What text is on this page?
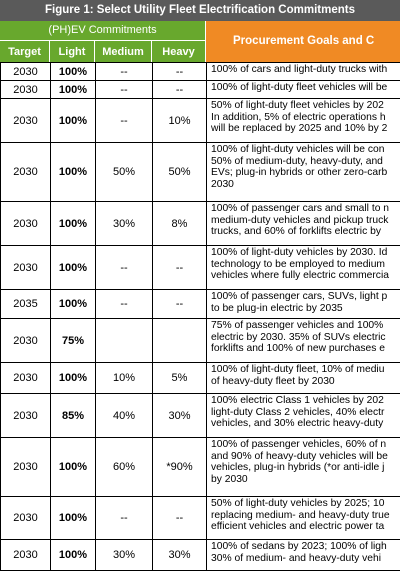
Figure 1: Select Utility Fleet Electrification Commitments
(PH)EV Commitments
Target	Light	Medium	Heavy
Procurement Goals and C
2030	100%	--	--	100% of cars and light-duty trucks with

2030	100%	--	--	100% of light-duty fleet vehicles will be

2030	100%	--	10%	50% of light-duty fleet vehicles by 202
In addition, 5% of electric operations h
will be replaced by 2025 and 10% by 2

2030	100%	50%	50%	100% of light-duty vehicles will be con
50% of medium-duty, heavy-duty, and
EVs; plug-in hybrids or other zero-carb
2030

2030	100%	30%	8%	100% of passenger cars and small to n
medium-duty vehicles and pickup truck
trucks, and 60% of forklifts electric by

2030	100%	--	--	100% of light-duty vehicles by 2030. Id
technology to be employed to medium
vehicles where fully electric commercia

2035	100%	--	--	100% of passenger cars, SUVs, light p
to be plug-in electric by 2035

2030	75%			75% of passenger vehicles and 100%
electric by 2030. 35% of SUVs electric
forklifts and 100% of new purchases e

2030	100%	10%	5%	100% of light-duty fleet, 10% of mediu
of heavy-duty fleet by 2030

2030	85%	40%	30%	100% electric Class 1 vehicles by 202
light-duty Class 2 vehicles, 40% electr
vehicles, and 30% electric heavy-duty

2030	100%	60%	*90%	100% of passenger vehicles, 60% of n
and 90% of heavy-duty vehicles will be
vehicles, plug-in hybrids (*or anti-idle j
by 2030

2030	100%	--	--	50% of light-duty vehicles by 2025; 10
replacing medium- and heavy-duty true
efficient vehicles and electric power ta

2030	100%	30%	30%	100% of sedans by 2023; 100% of ligh
30% of medium- and heavy-duty vehi
